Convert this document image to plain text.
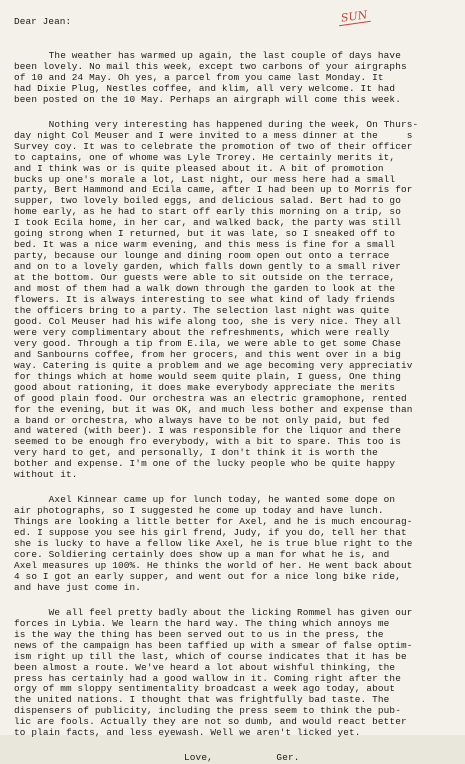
SUN
Dear Jean:
The weather has warmed up again, the last couple of days have
been lovely. No mail this week, except two carbons of your airgraphs
of 10 and 24 May. Oh yes, a parcel from you came last Monday. It
had Dixie Plug, Nestles coffee, and klim, all very welcome. It had
been posted on the 10 May. Perhaps an airgraph will come this week.
Nothing very interesting has happened during the week, On Thurs-
day night Col Meuser and I were invited to a mess dinner at the     s
Survey coy. It was to celebrate the promotion of two of their officer
to captains, one of whome was Lyle Trorey. He certainly merits it,
and I think was or is quite pleased about it. A bit of promotion
bucks up one's morale a lot, Last night, our mess here had a small
party, Bert Hammond and Ecila came, after I had been up to Morris for
supper, two lovely boiled eggs, and delicious salad. Bert had to go
home early, as he had to start off early this morning on a trip, so
I took Ecila home, in her car, and walked back, the party was still
going strong when I returned, but it was late, so I sneaked off to
bed. It was a nice warm evening, and this mess is fine for a small
party, because our lounge and dining room open out onto a terrace
and on to a lovely garden, which falls down gently to a small river
at the bottom. Our guests were able to sit outside on the terrace,
and most of them had a walk down through the garden to look at the
flowers. It is always interesting to see what kind of lady friends
the officers bring to a party. The selection last night was quite
good. Col Meuser had his wife along too, she is very nice. They all
were very complimentary about the refreshments, which were really
very good. Through a tip from E.ila, we were able to get some Chase
and Sanbourns coffee, from her grocers, and this went over in a big
way. Catering is quite a problem and we age becoming very appreciativ
for things which at home would seem quite plain, I guess, One thing
good about rationing, it does make everybody appreciate the merits
of good plain food. Our orchestra was an electric gramophone, rented
for the evening, but it was OK, and much less bother and expense than
a band or orchestra, who always have to be not only paid, but fed
and watered (with beer). I was responsible for the liquor and there
seemed to be enough fro everybody, with a bit to spare. This too is
very hard to get, and personally, I don't think it is worth the
bother and expense. I'm one of the lucky people who be quite happy
without it.
Axel Kinnear came up for lunch today, he wanted some dope on
air photographs, so I suggested he come up today and have lunch.
Things are looking a little better for Axel, and he is much encourag-
ed. I suppose you see his girl frend, Judy, if you do, tell her that
she is lucky to have a fellow like Axel, he is true blue right to the
core. Soldiering certainly does show up a man for what he is, and
Axel measures up 100%. He thinks the world of her. He went back about
4 so I got an early supper, and went out for a nice long bike ride,
and have just come in.
We all feel pretty badly about the licking Rommel has given our
forces in Lybia. We learn the hard way. The thing which annoys me
is the way the thing has been served out to us in the press, the
news of the campaign has been taffied up with a smear of false optim-
ism right up till the last, which of course indicates that it has be
been almost a route. We've heard a lot about wishful thinking, the
press has certainly had a good wallow in it. Coming right after the
orgy of mm sloppy sentimentality broadcast a week ago today, about
the united nations. I thought that was frightfully bad taste. The
dispensers of publicity, including the press seem to think the pub-
lic are fools. Actually they are not so dumb, and would react better
to plain facts, and less eyewash. Well we aren't licked yet.
Love,           Ger.
